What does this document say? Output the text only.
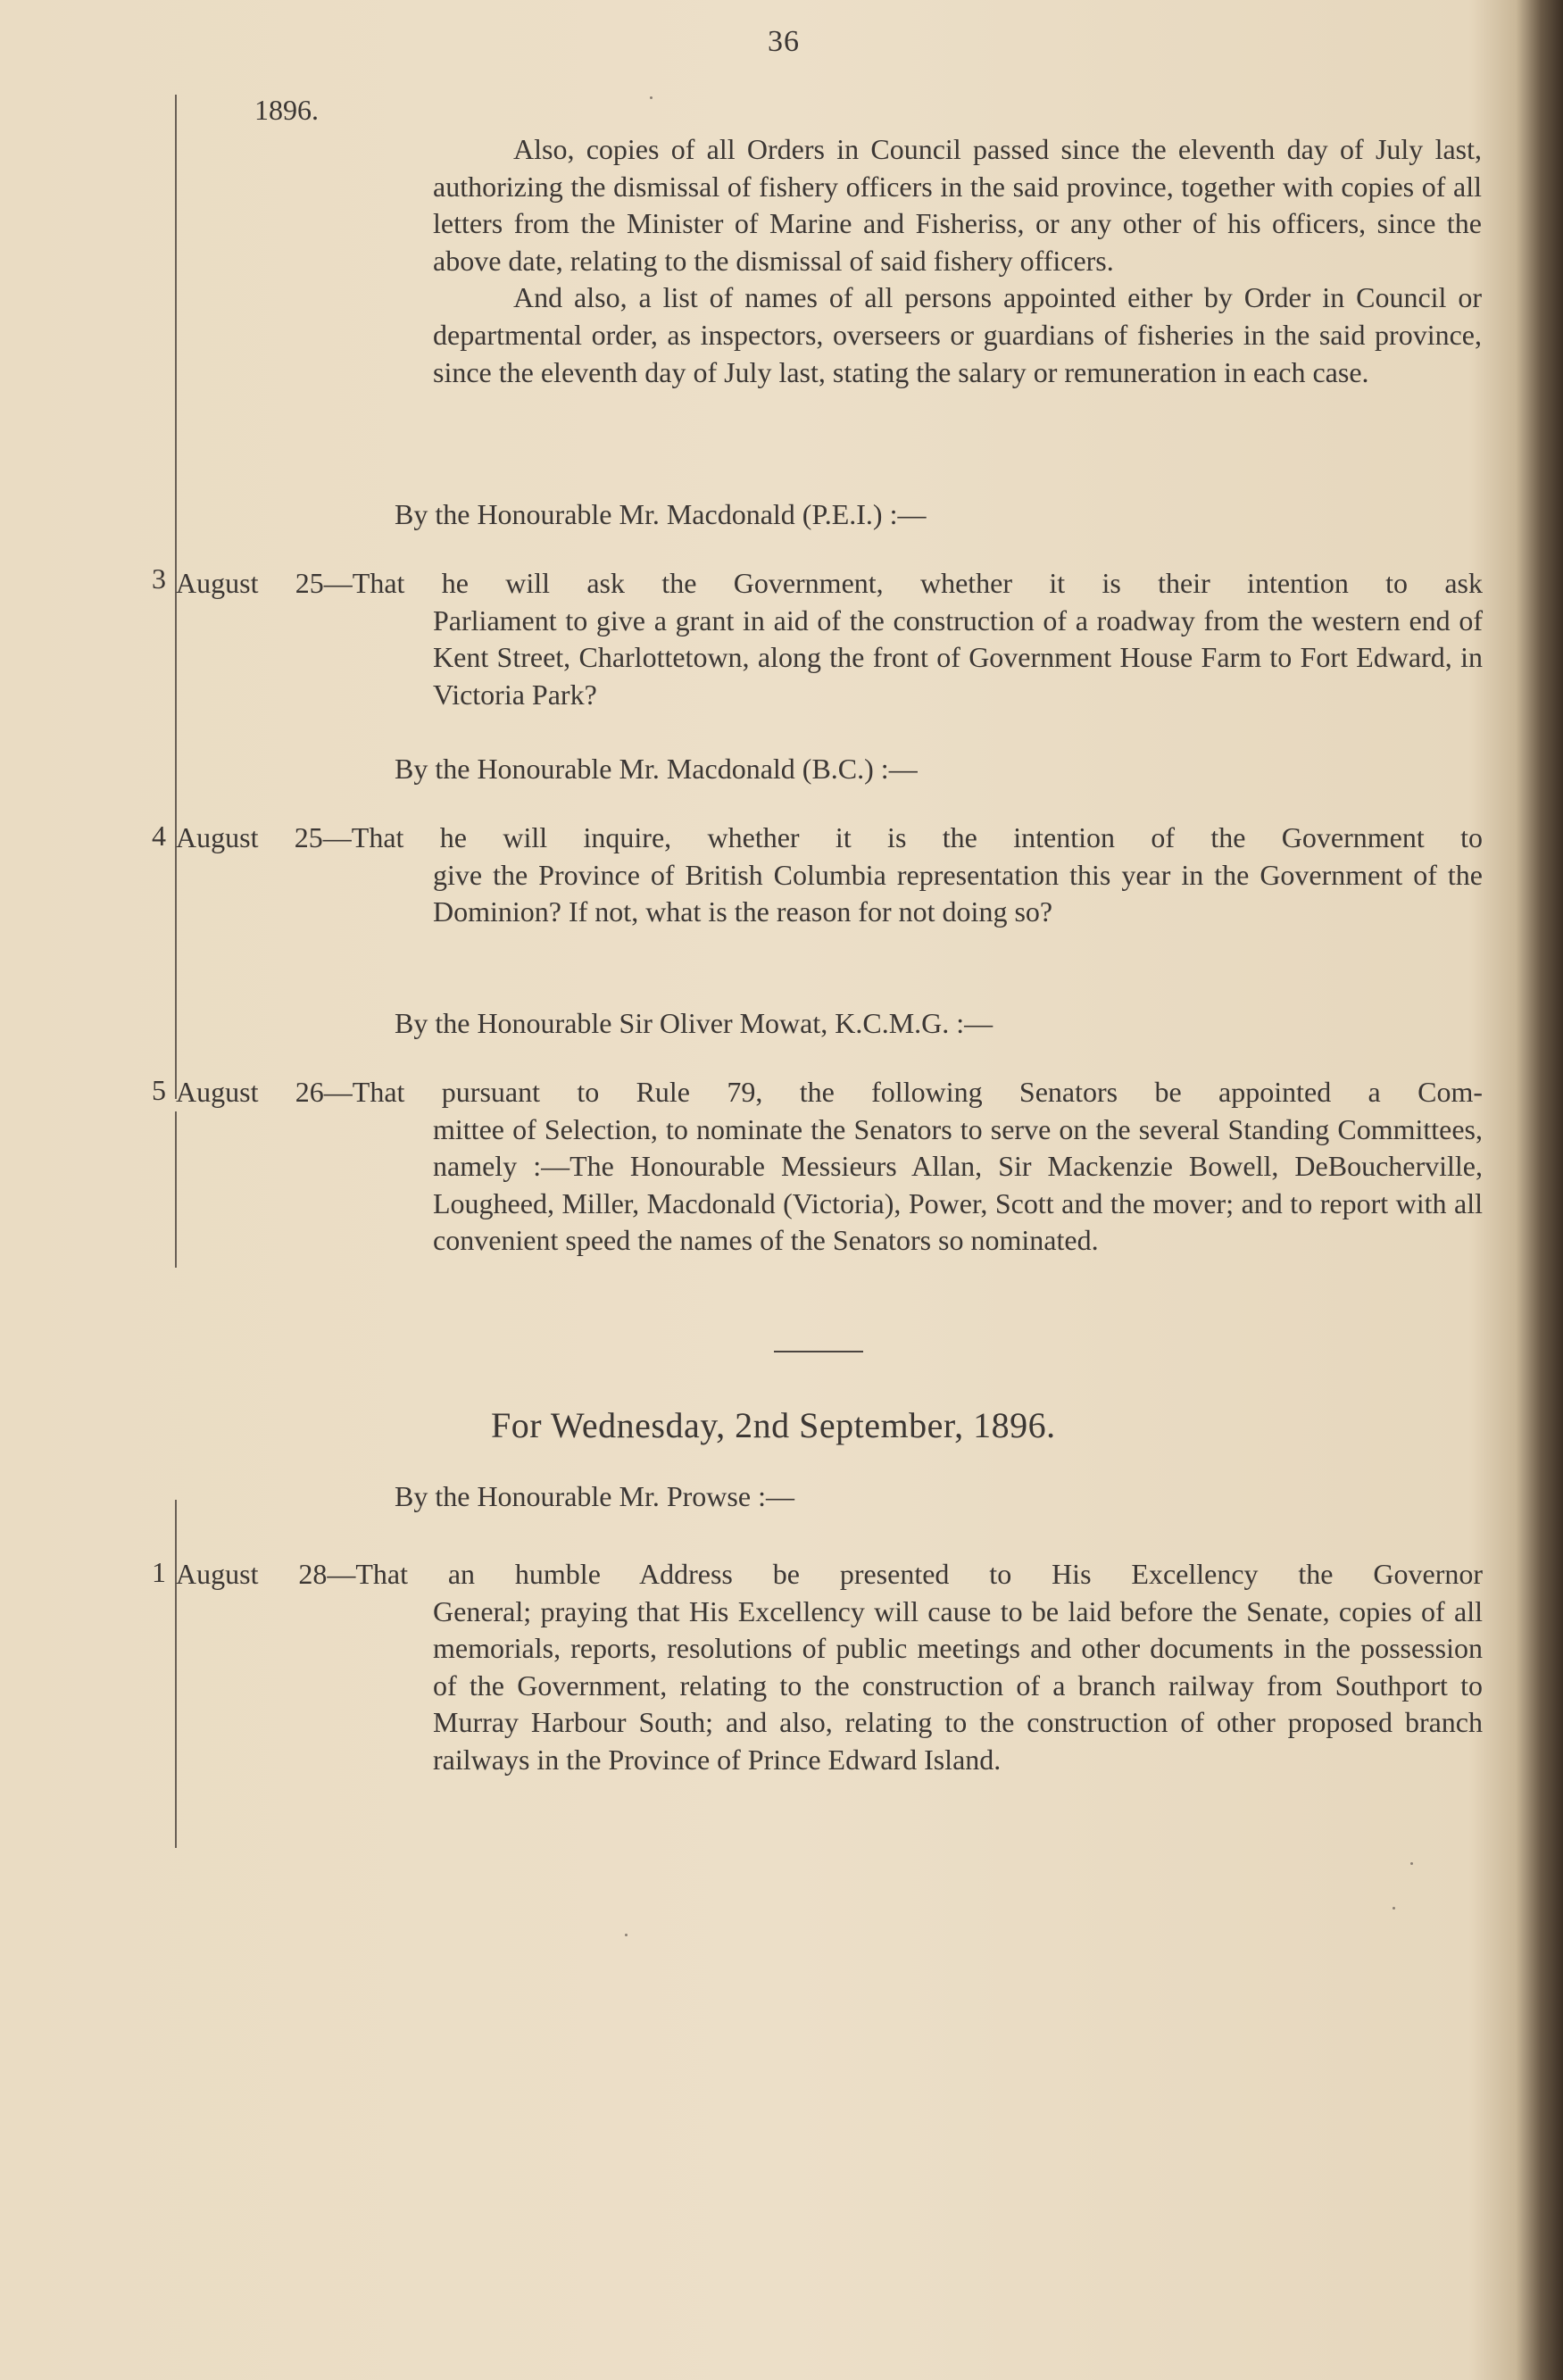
36
1896.

Also, copies of all Orders in Council passed since the eleventh day of July last, authorizing the dismissal of fishery officers in the said province, together with copies of all letters from the Minister of Marine and Fisheriss, or any other of his officers, since the above date, relating to the dismissal of said fishery officers.

And also, a list of names of all persons appointed either by Order in Council or departmental order, as inspectors, overseers or guardians of fisheries in the said province, since the eleventh day of July last, stating the salary or remuneration in each case.

By the Honourable Mr. Macdonald (P.E.I.) :—
3 August 25—That he will ask the Government, whether it is their intention to ask
Parliament to give a grant in aid of the construction of a roadway from the western end of Kent Street, Charlottetown, along the front of Government House Farm to Fort Edward, in Victoria Park?
By the Honourable Mr. Macdonald (B.C.) :—
4 August 25—That he will inquire, whether it is the intention of the Government to
give the Province of British Columbia representation this year in the Government of the Dominion? If not, what is the reason for not doing so?
By the Honourable Sir Oliver Mowat, K.C.M.G. :—
5 August 26—That pursuant to Rule 79, the following Senators be appointed a Com-
mittee of Selection, to nominate the Senators to serve on the several Standing Committees, namely :—The Honourable Messieurs Allan, Sir Mackenzie Bowell, DeBoucherville, Lougheed, Miller, Macdonald (Victoria), Power, Scott and the mover; and to report with all convenient speed the names of the Senators so nominated.
For Wednesday, 2nd September, 1896.
By the Honourable Mr. Prowse :—
1 August 28—That an humble Address be presented to His Excellency the Governor
General; praying that His Excellency will cause to be laid before the Senate, copies of all memorials, reports, resolutions of public meetings and other documents in the possession of the Government, relating to the construction of a branch railway from Southport to Murray Harbour South; and also, relating to the construction of other proposed branch railways in the Province of Prince Edward Island.
